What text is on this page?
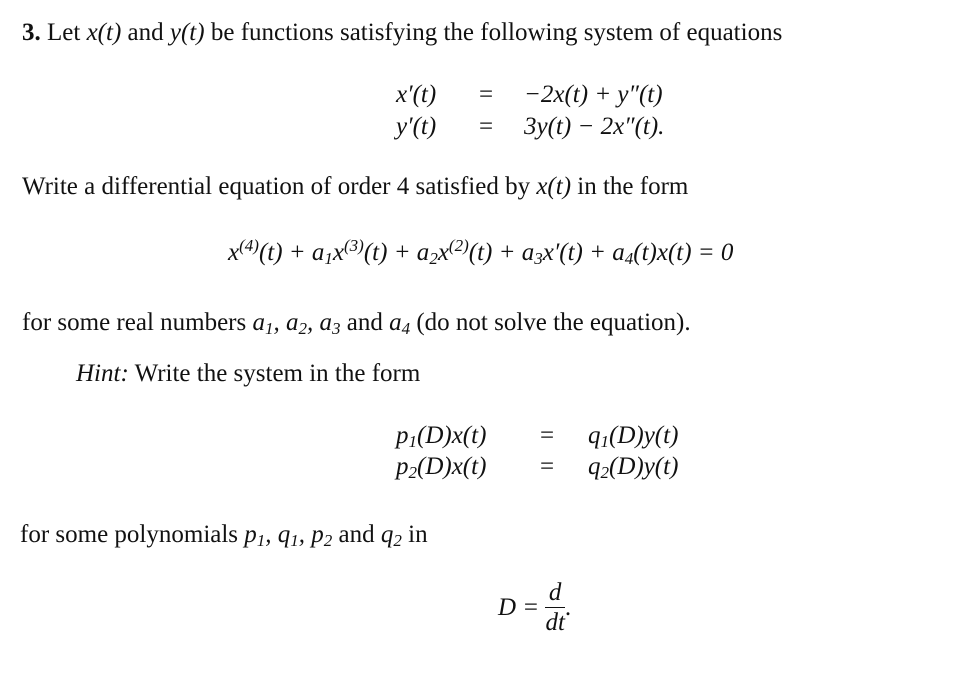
3. Let x(t) and y(t) be functions satisfying the following system of equations
x′(t) = −2x(t) + y″(t)
y′(t) = 3y(t) − 2x″(t).
Write a differential equation of order 4 satisfied by x(t) in the form
$x^{(4)}(t) + a_1x^{(3)}(t) + a_2x^{(2)}(t) + a_3x'(t) + a_4(t)x(t) = 0$
for some real numbers $a_1$, $a_2$, $a_3$ and $a_4$ (do not solve the equation).
Hint: Write the system in the form
$p_1(D)x(t) = q_1(D)y(t)$
$p_2(D)x(t) = q_2(D)y(t)$
for some polynomials $p_1$, $q_1$, $p_2$ and $q_2$ in
$D = \frac{d}{dt}$ .
